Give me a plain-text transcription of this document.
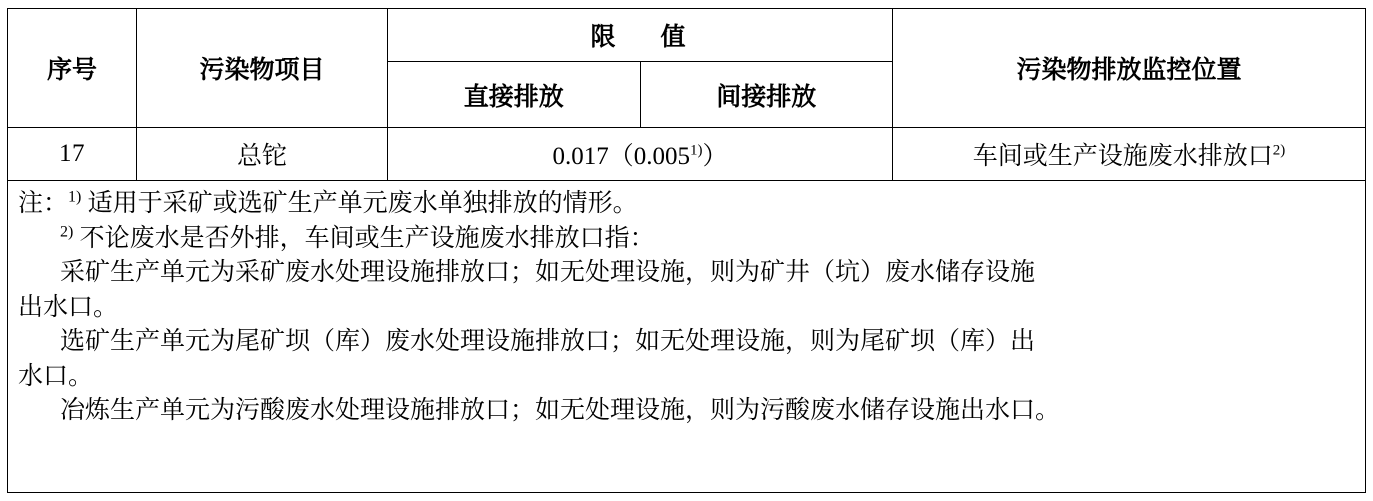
序号	污染物项目	限　值		污染物排放监控位置
		直接排放	间接排放	
17	总铊	0.017（0.005$^{1)}$）		车间或生产设施废水排放口$^{2)}$
注：$^{1)}$ 适用于采矿或选矿生产单元废水单独排放的情形。
$^{2)}$ 不论废水是否外排，车间或生产设施废水排放口指：
采矿生产单元为采矿废水处理设施排放口；如无处理设施，则为矿井（坑）废水储存设施
出水口。
选矿生产单元为尾矿坝（库）废水处理设施排放口；如无处理设施，则为尾矿坝（库）出
水口。
冶炼生产单元为污酸废水处理设施排放口；如无处理设施，则为污酸废水储存设施出水口。
